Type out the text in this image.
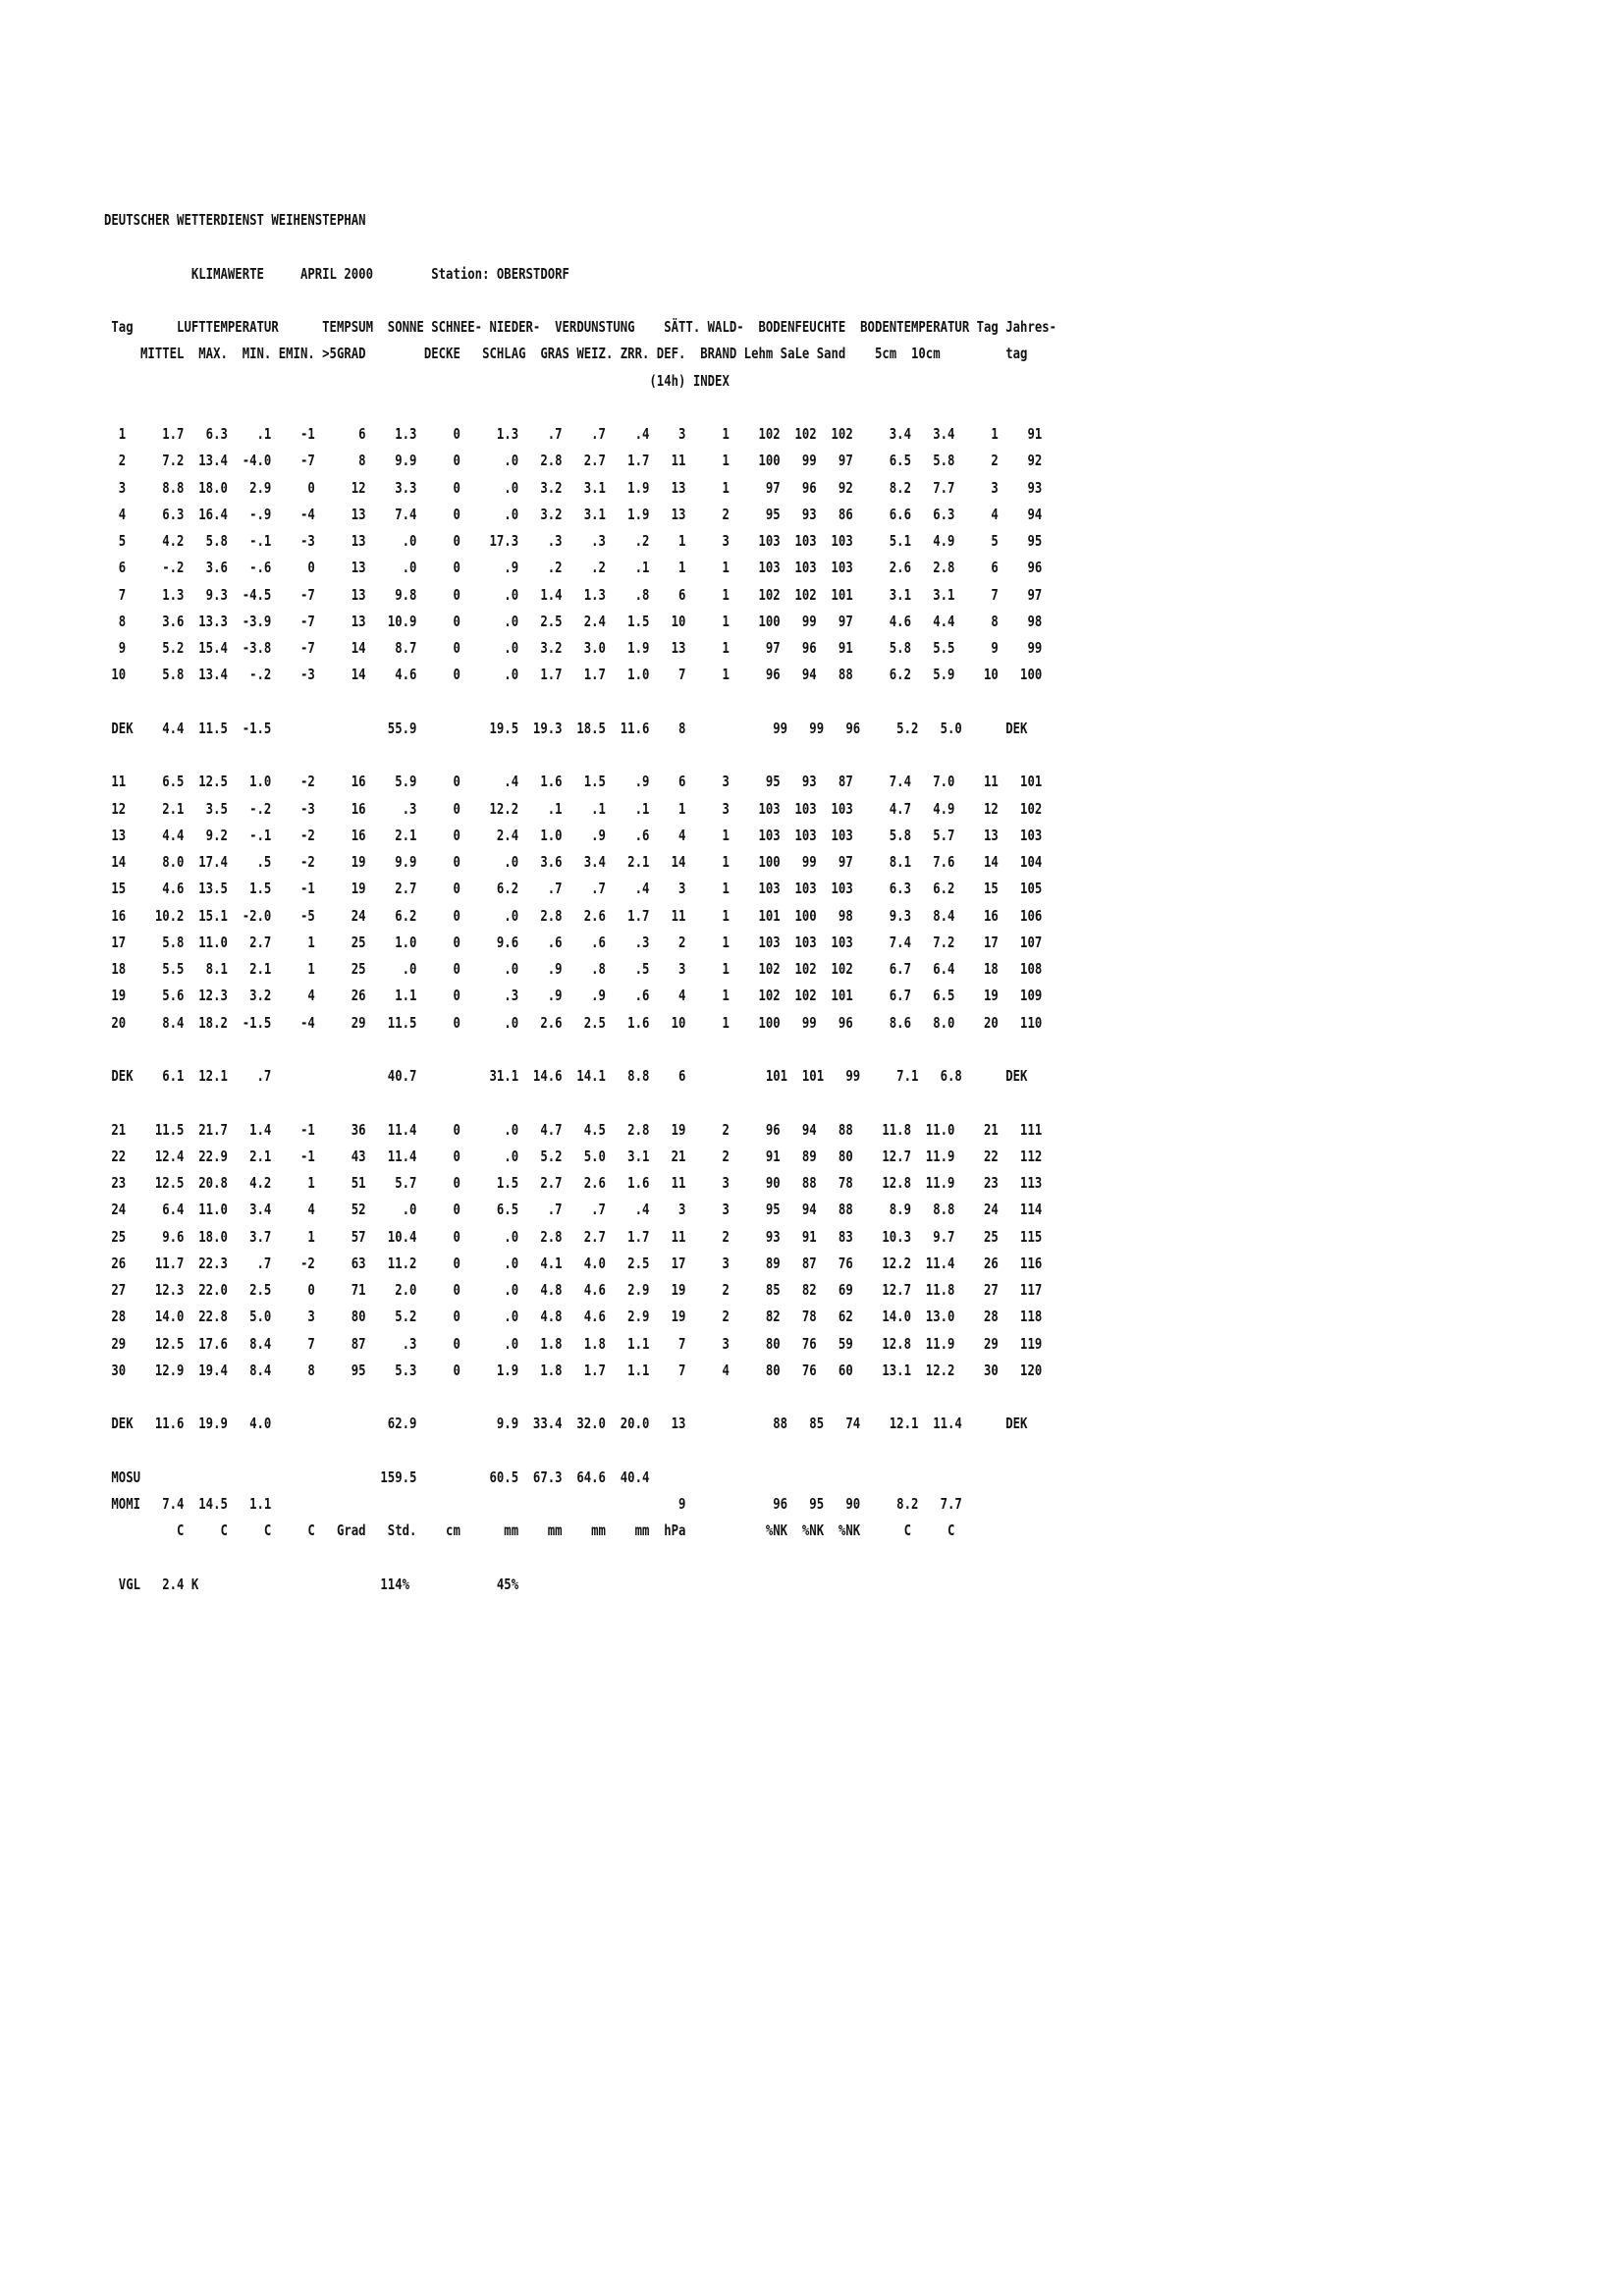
DEUTSCHER WETTERDIENST WEIHENSTEPHAN
KLIMAWERTE     APRIL 2000        Station: OBERSTDORF
Tag      LUFTTEMPERATUR      TEMPSUM  SONNE SCHNEE- NIEDER-  VERDUNSTUNG    SÄTT. WALD-  BODENFEUCHTE  BODENTEMPERATUR Tag Jahres-
MITTEL  MAX.  MIN. EMIN. >5GRAD        DECKE   SCHLAG  GRAS WEIZ. ZRR. DEF.  BRAND Lehm SaLe Sand    5cm  10cm         tag
(14h) INDEX
1     1.7   6.3    .1    -1      6    1.3     0     1.3    .7    .7    .4    3     1    102  102  102     3.4   3.4     1    91
2     7.2  13.4  -4.0    -7      8    9.9     0      .0   2.8   2.7   1.7   11     1    100   99   97     6.5   5.8     2    92
3     8.8  18.0   2.9     0     12    3.3     0      .0   3.2   3.1   1.9   13     1     97   96   92     8.2   7.7     3    93
4     6.3  16.4   -.9    -4     13    7.4     0      .0   3.2   3.1   1.9   13     2     95   93   86     6.6   6.3     4    94
5     4.2   5.8   -.1    -3     13     .0     0    17.3    .3    .3    .2    1     3    103  103  103     5.1   4.9     5    95
6     -.2   3.6   -.6     0     13     .0     0      .9    .2    .2    .1    1     1    103  103  103     2.6   2.8     6    96
7     1.3   9.3  -4.5    -7     13    9.8     0      .0   1.4   1.3    .8    6     1    102  102  101     3.1   3.1     7    97
8     3.6  13.3  -3.9    -7     13   10.9     0      .0   2.5   2.4   1.5   10     1    100   99   97     4.6   4.4     8    98
9     5.2  15.4  -3.8    -7     14    8.7     0      .0   3.2   3.0   1.9   13     1     97   96   91     5.8   5.5     9    99
10     5.8  13.4   -.2    -3     14    4.6     0      .0   1.7   1.7   1.0    7     1     96   94   88     6.2   5.9    10   100
DEK    4.4  11.5  -1.5                55.9          19.5  19.3  18.5  11.6    8            99   99   96     5.2   5.0      DEK
11     6.5  12.5   1.0    -2     16    5.9     0      .4   1.6   1.5    .9    6     3     95   93   87     7.4   7.0    11   101
12     2.1   3.5   -.2    -3     16     .3     0    12.2    .1    .1    .1    1     3    103  103  103     4.7   4.9    12   102
13     4.4   9.2   -.1    -2     16    2.1     0     2.4   1.0    .9    .6    4     1    103  103  103     5.8   5.7    13   103
14     8.0  17.4    .5    -2     19    9.9     0      .0   3.6   3.4   2.1   14     1    100   99   97     8.1   7.6    14   104
15     4.6  13.5   1.5    -1     19    2.7     0     6.2    .7    .7    .4    3     1    103  103  103     6.3   6.2    15   105
16    10.2  15.1  -2.0    -5     24    6.2     0      .0   2.8   2.6   1.7   11     1    101  100   98     9.3   8.4    16   106
17     5.8  11.0   2.7     1     25    1.0     0     9.6    .6    .6    .3    2     1    103  103  103     7.4   7.2    17   107
18     5.5   8.1   2.1     1     25     .0     0      .0    .9    .8    .5    3     1    102  102  102     6.7   6.4    18   108
19     5.6  12.3   3.2     4     26    1.1     0      .3    .9    .9    .6    4     1    102  102  101     6.7   6.5    19   109
20     8.4  18.2  -1.5    -4     29   11.5     0      .0   2.6   2.5   1.6   10     1    100   99   96     8.6   8.0    20   110
DEK    6.1  12.1    .7                40.7          31.1  14.6  14.1   8.8    6           101  101   99     7.1   6.8      DEK
21    11.5  21.7   1.4    -1     36   11.4     0      .0   4.7   4.5   2.8   19     2     96   94   88    11.8  11.0    21   111
22    12.4  22.9   2.1    -1     43   11.4     0      .0   5.2   5.0   3.1   21     2     91   89   80    12.7  11.9    22   112
23    12.5  20.8   4.2     1     51    5.7     0     1.5   2.7   2.6   1.6   11     3     90   88   78    12.8  11.9    23   113
24     6.4  11.0   3.4     4     52     .0     0     6.5    .7    .7    .4    3     3     95   94   88     8.9   8.8    24   114
25     9.6  18.0   3.7     1     57   10.4     0      .0   2.8   2.7   1.7   11     2     93   91   83    10.3   9.7    25   115
26    11.7  22.3    .7    -2     63   11.2     0      .0   4.1   4.0   2.5   17     3     89   87   76    12.2  11.4    26   116
27    12.3  22.0   2.5     0     71    2.0     0      .0   4.8   4.6   2.9   19     2     85   82   69    12.7  11.8    27   117
28    14.0  22.8   5.0     3     80    5.2     0      .0   4.8   4.6   2.9   19     2     82   78   62    14.0  13.0    28   118
29    12.5  17.6   8.4     7     87     .3     0      .0   1.8   1.8   1.1    7     3     80   76   59    12.8  11.9    29   119
30    12.9  19.4   8.4     8     95    5.3     0     1.9   1.8   1.7   1.1    7     4     80   76   60    13.1  12.2    30   120
DEK   11.6  19.9   4.0                62.9           9.9  33.4  32.0  20.0   13            88   85   74    12.1  11.4      DEK
MOSU                                 159.5          60.5  67.3  64.6  40.4
MOMI   7.4  14.5   1.1                                                        9            96   95   90     8.2   7.7
C     C     C     C   Grad   Std.    cm      mm    mm    mm    mm  hPa           %NK  %NK  %NK      C     C
VGL   2.4 K                         114%            45%
